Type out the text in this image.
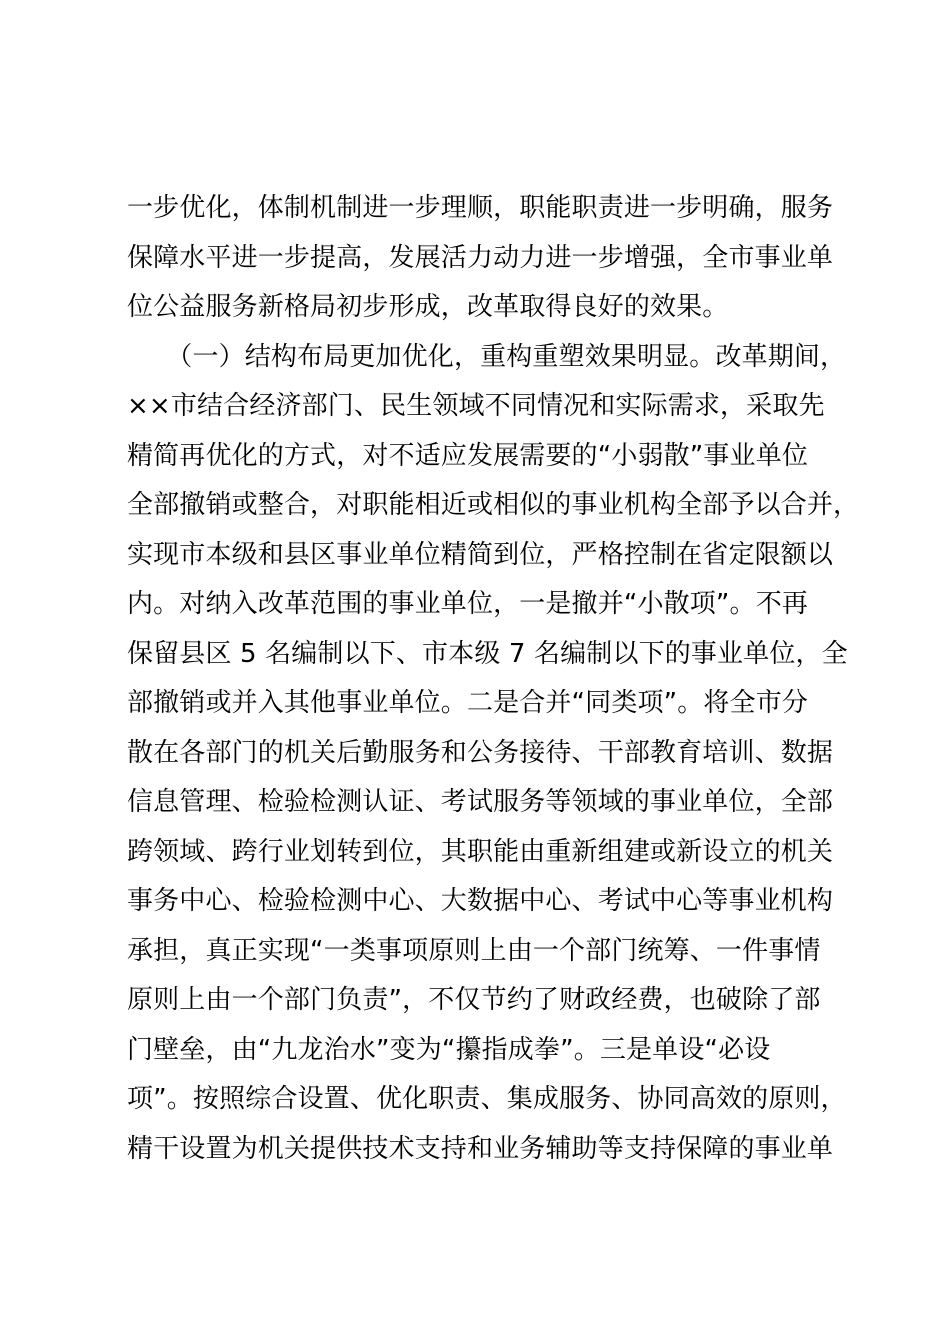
一步优化，体制机制进一步理顺，职能职责进一步明确，服务
保障水平进一步提高，发展活力动力进一步增强，全市事业单
位公益服务新格局初步形成，改革取得良好的效果。
　　（一）结构布局更加优化，重构重塑效果明显。改革期间，
××市结合经济部门、民生领域不同情况和实际需求，采取先
精简再优化的方式，对不适应发展需要的“小弱散”事业单位
全部撤销或整合，对职能相近或相似的事业机构全部予以合并，
实现市本级和县区事业单位精简到位，严格控制在省定限额以
内。对纳入改革范围的事业单位，一是撤并“小散项”。不再
保留县区 5 名编制以下、市本级 7 名编制以下的事业单位，全
部撤销或并入其他事业单位。二是合并“同类项”。将全市分
散在各部门的机关后勤服务和公务接待、干部教育培训、数据
信息管理、检验检测认证、考试服务等领域的事业单位，全部
跨领域、跨行业划转到位，其职能由重新组建或新设立的机关
事务中心、检验检测中心、大数据中心、考试中心等事业机构
承担，真正实现“一类事项原则上由一个部门统筹、一件事情
原则上由一个部门负责”，不仅节约了财政经费，也破除了部
门壁垒，由“九龙治水”变为“攥指成拳”。三是单设“必设
项”。按照综合设置、优化职责、集成服务、协同高效的原则，
精干设置为机关提供技术支持和业务辅助等支持保障的事业单
